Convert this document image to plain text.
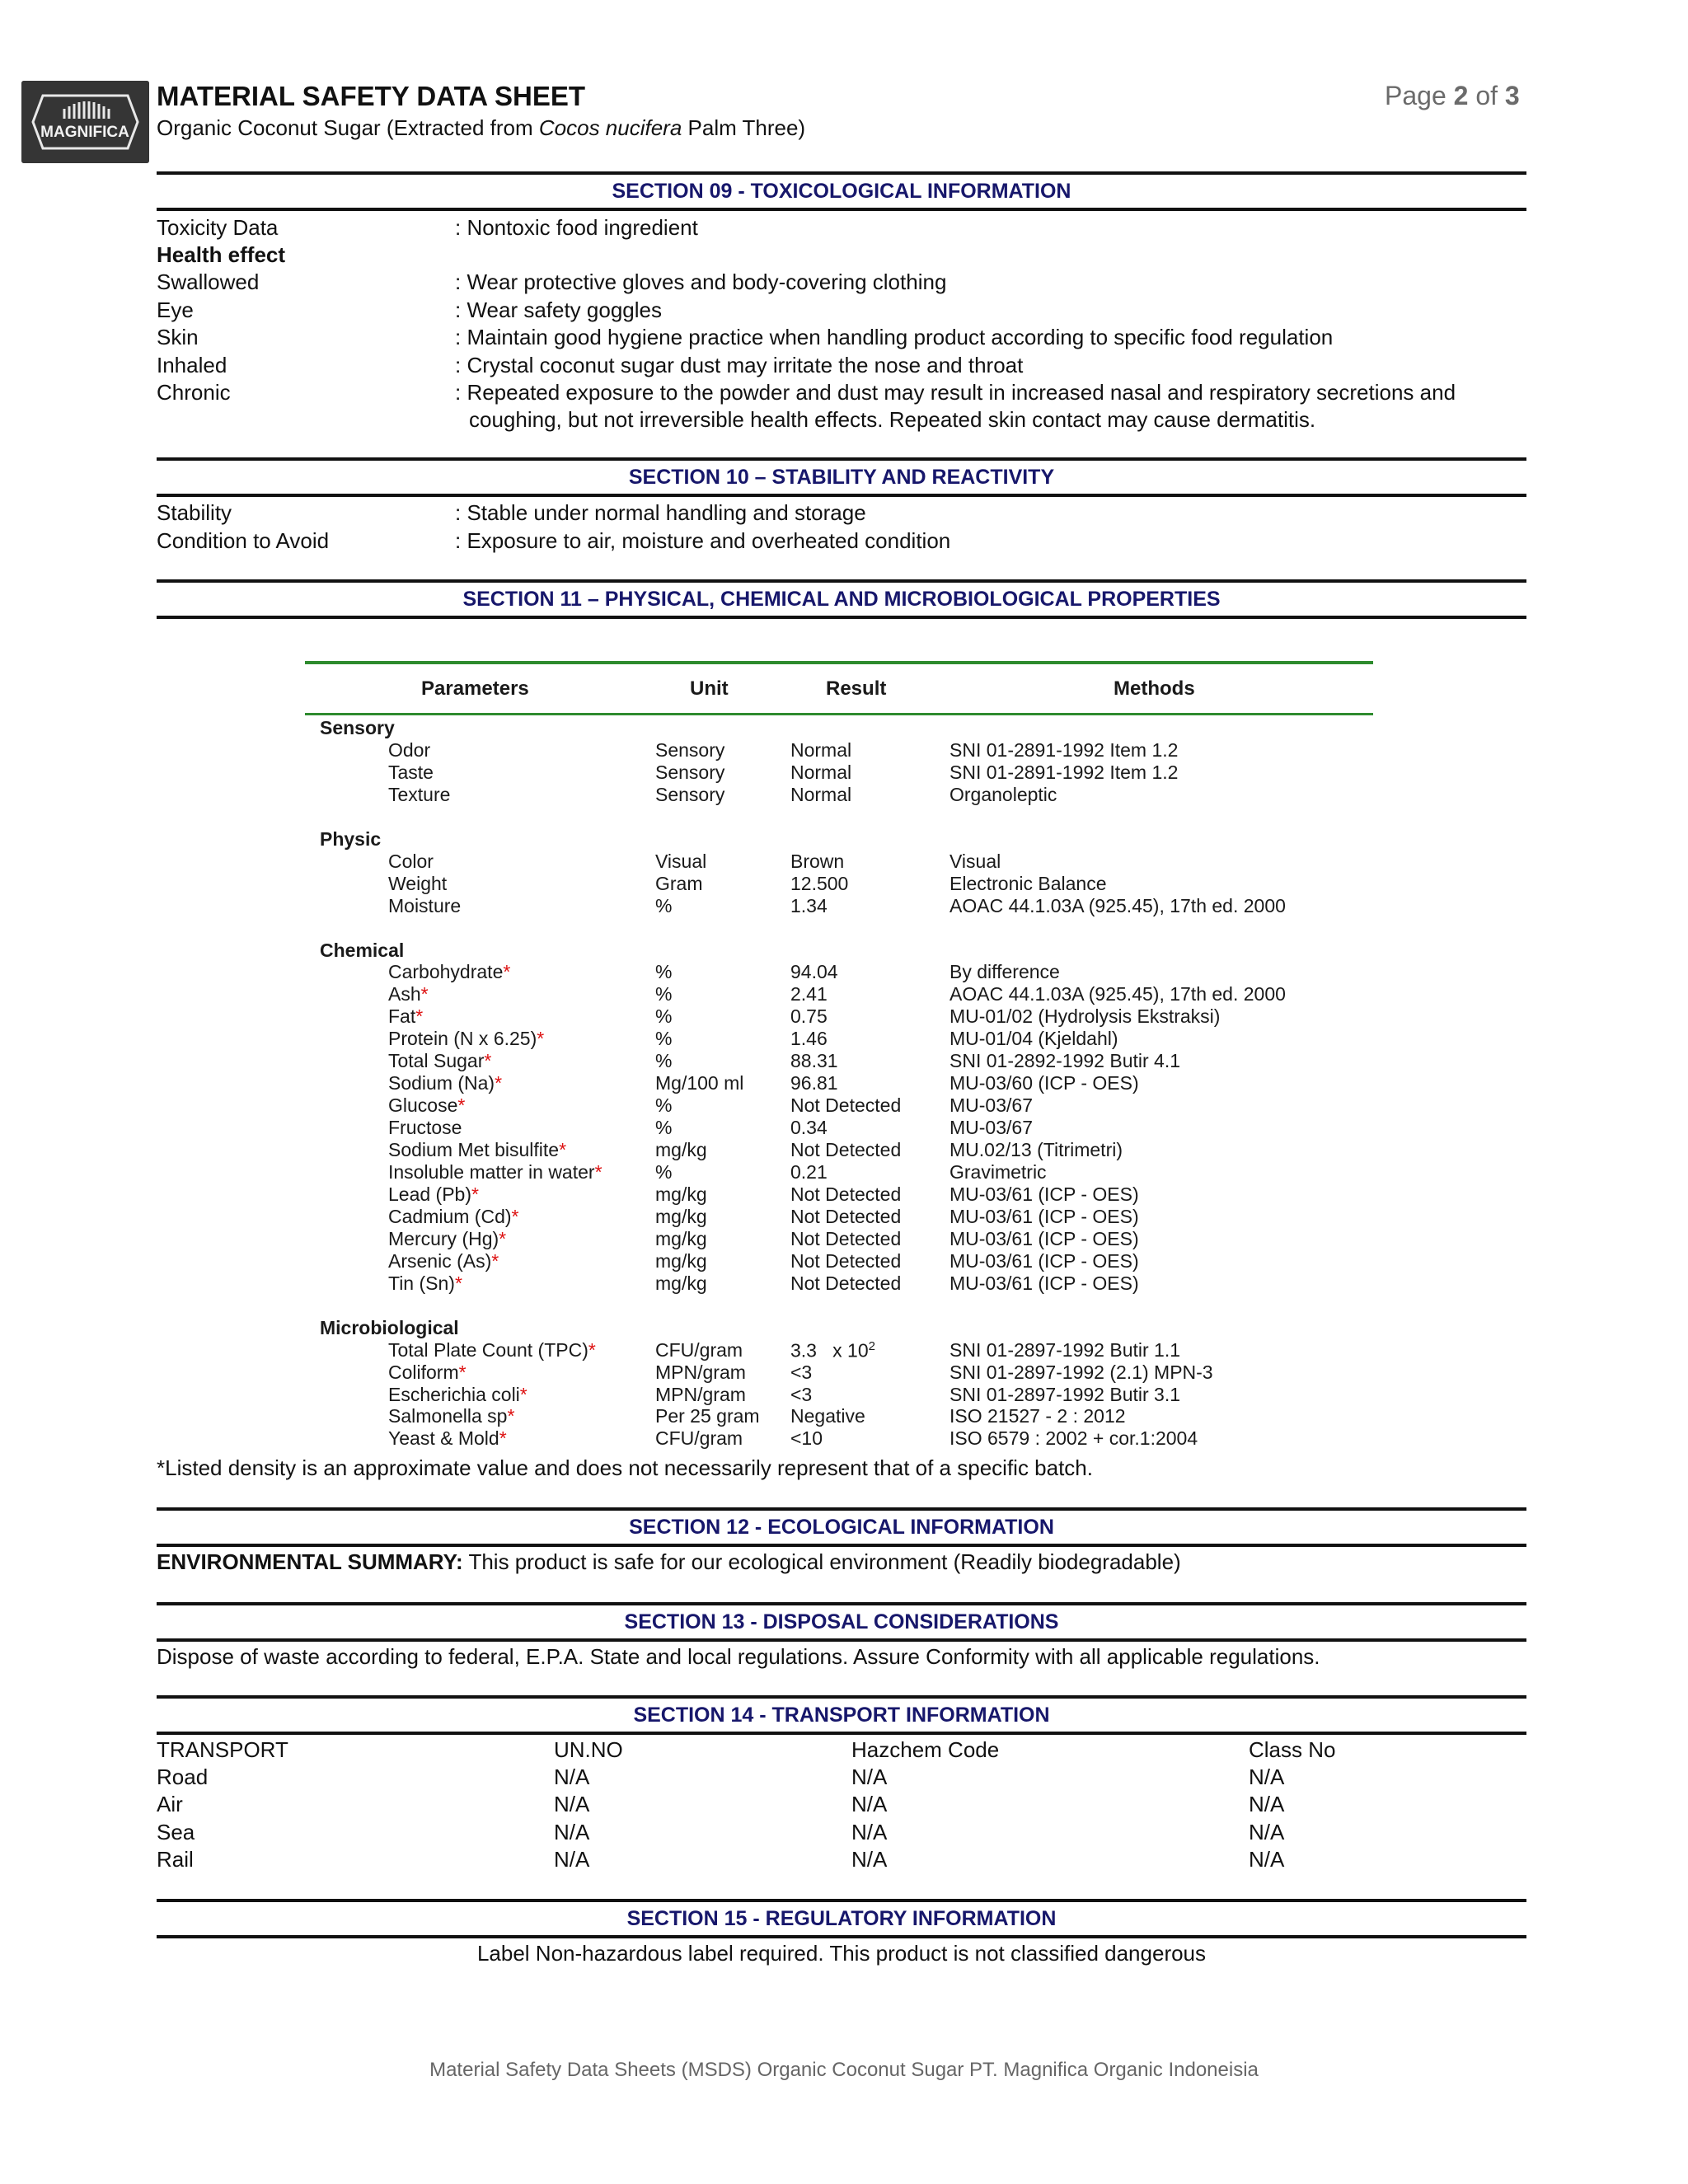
MAGNIFICA
MATERIAL SAFETY DATA SHEET
Organic Coconut Sugar (Extracted from Cocos nucifera Palm Three)
Page 2 of 3
SECTION 09 - TOXICOLOGICAL INFORMATION
Toxicity Data	: Nontoxic food ingredient
Health effect
Swallowed	: Wear protective gloves and body-covering clothing
Eye	: Wear safety goggles
Skin	: Maintain good hygiene practice when handling product according to specific food regulation
Inhaled	: Crystal coconut sugar dust may irritate the nose and throat
Chronic	: Repeated exposure to the powder and dust may result in increased nasal and respiratory secretions and
coughing, but not irreversible health effects. Repeated skin contact may cause dermatitis.
SECTION 10 – STABILITY AND REACTIVITY
Stability	: Stable under normal handling and storage
Condition to Avoid	: Exposure to air, moisture and overheated condition
SECTION 11 – PHYSICAL, CHEMICAL AND MICROBIOLOGICAL PROPERTIES
Parameters	Unit	Result	Methods
Sensory
Odor	Sensory	Normal	SNI 01-2891-1992 Item 1.2
Taste	Sensory	Normal	SNI 01-2891-1992 Item 1.2
Texture	Sensory	Normal	Organoleptic
Physic
Color	Visual	Brown	Visual
Weight	Gram	12.500	Electronic Balance
Moisture	%	1.34	AOAC 44.1.03A (925.45), 17th ed. 2000
Chemical
Carbohydrate*	%	94.04	By difference
Ash*	%	2.41	AOAC 44.1.03A (925.45), 17th ed. 2000
Fat*	%	0.75	MU-01/02 (Hydrolysis Ekstraksi)
Protein (N x 6.25)*	%	1.46	MU-01/04 (Kjeldahl)
Total Sugar*	%	88.31	SNI 01-2892-1992 Butir 4.1
Sodium (Na)*	Mg/100 ml 96.81	MU-03/60 (ICP - OES)
Glucose*	%	Not Detected	MU-03/67
Fructose	%	0.34	MU-03/67
Sodium Met bisulfite*	mg/kg	Not Detected	MU.02/13 (Titrimetri)
Insoluble matter in water*	%	0.21	Gravimetric
Lead (Pb)*	mg/kg	Not Detected	MU-03/61 (ICP - OES)
Cadmium (Cd)*	mg/kg	Not Detected	MU-03/61 (ICP - OES)
Mercury (Hg)*	mg/kg	Not Detected	MU-03/61 (ICP - OES)
Arsenic (As)*	mg/kg	Not Detected	MU-03/61 (ICP - OES)
Tin (Sn)*	mg/kg	Not Detected	MU-03/61 (ICP - OES)
Microbiological
Total Plate Count (TPC)*	CFU/gram	3.3   x $10^2$	SNI 01-2897-1992 Butir 1.1
Coliform*	MPN/gram <3	SNI 01-2897-1992 (2.1) MPN-3
Escherichia coli*	MPN/gram <3	SNI 01-2897-1992 Butir 3.1
Salmonella sp*	Per 25 gram Negative	ISO 21527 - 2 : 2012
Yeast & Mold*	CFU/gram	<10	ISO 6579 : 2002 + cor.1:2004
*Listed density is an approximate value and does not necessarily represent that of a specific batch.
SECTION 12 - ECOLOGICAL INFORMATION
ENVIRONMENTAL SUMMARY: This product is safe for our ecological environment (Readily biodegradable)
SECTION 13 - DISPOSAL CONSIDERATIONS
Dispose of waste according to federal, E.P.A. State and local regulations. Assure Conformity with all applicable regulations.
SECTION 14 - TRANSPORT INFORMATION
TRANSPORT	UN.NO	Hazchem Code	Class No
Road	N/A	N/A	N/A
Air	N/A	N/A	N/A
Sea	N/A	N/A	N/A
Rail	N/A	N/A	N/A
SECTION 15 - REGULATORY INFORMATION
Label Non-hazardous label required. This product is not classified dangerous
Material Safety Data Sheets (MSDS) Organic Coconut Sugar PT. Magnifica Organic Indoneisia
